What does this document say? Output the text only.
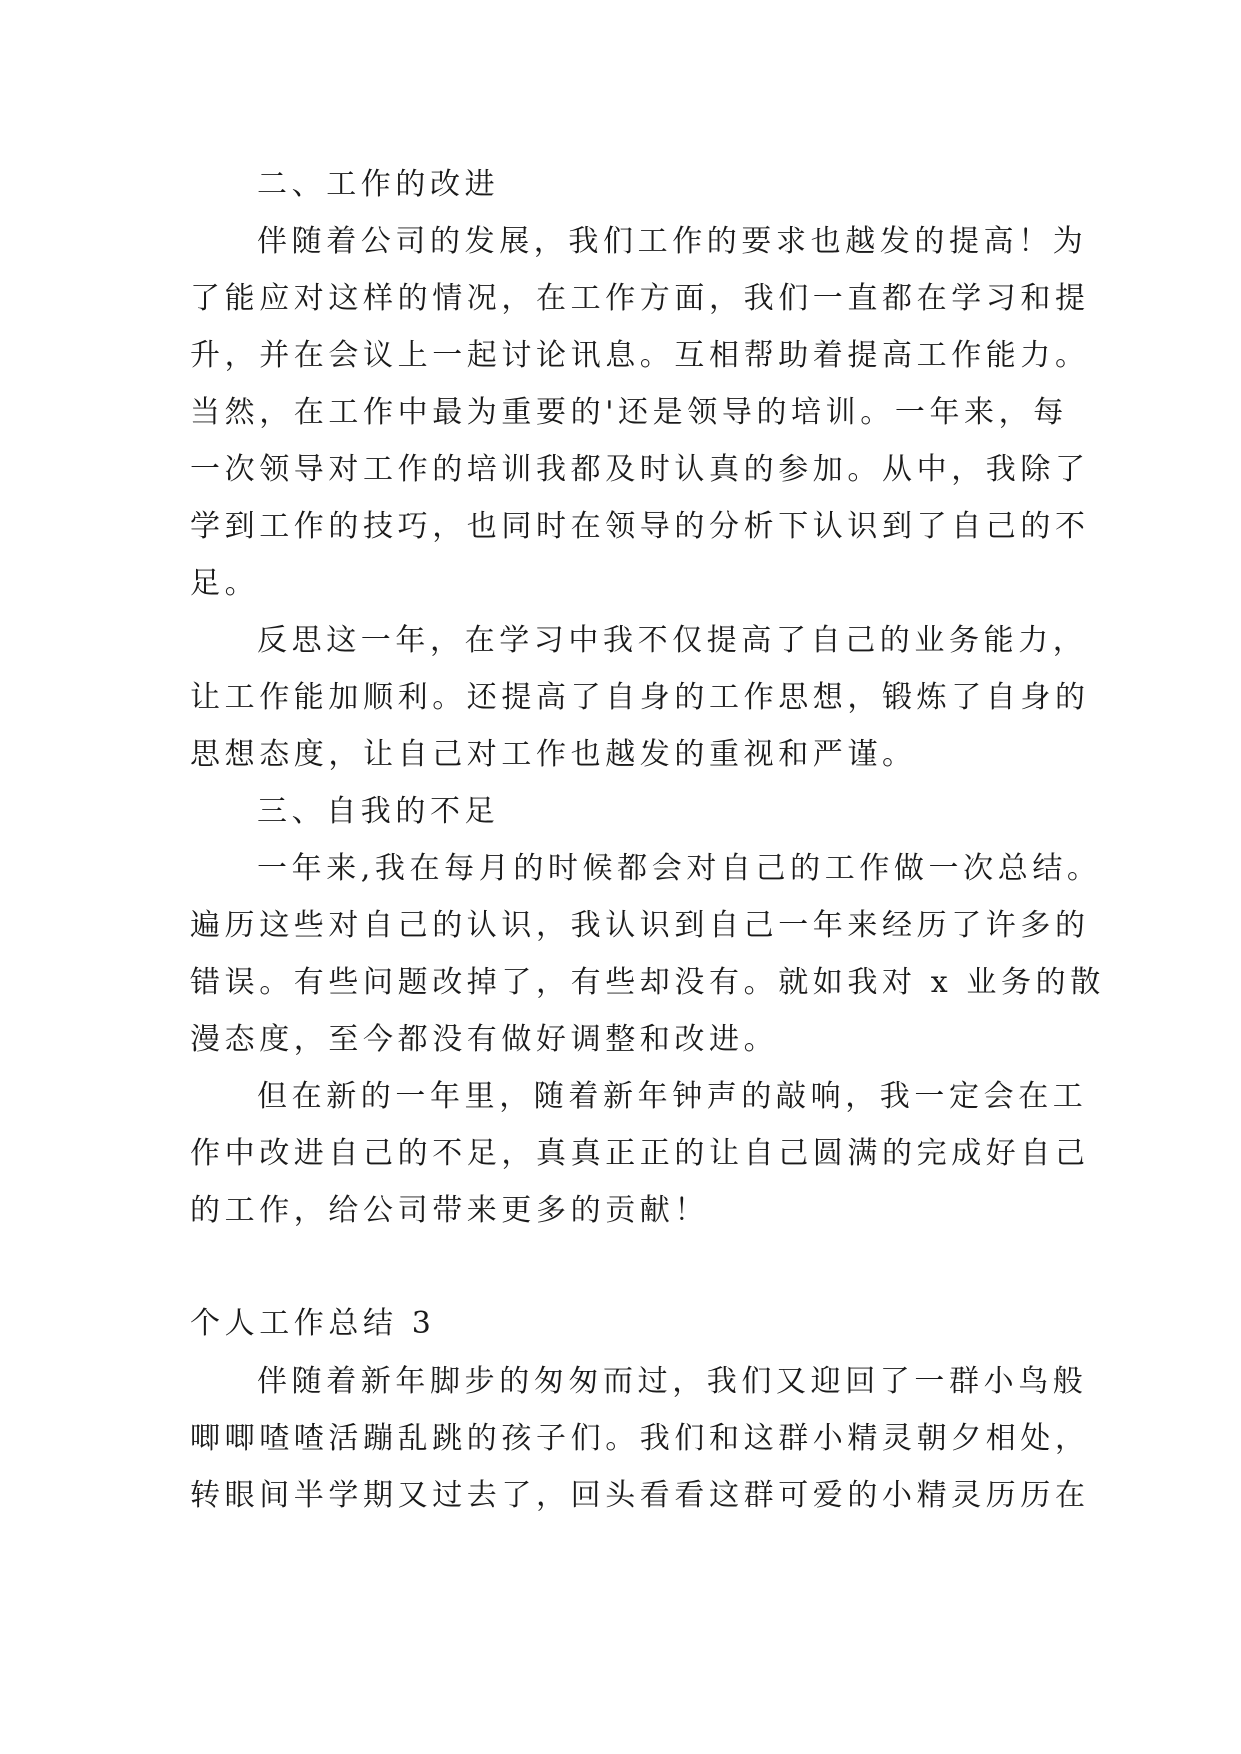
二、工作的改进
伴随着公司的发展，我们工作的要求也越发的提高！为
了能应对这样的情况，在工作方面，我们一直都在学习和提
升，并在会议上一起讨论讯息。互相帮助着提高工作能力。
当然，在工作中最为重要的'还是领导的培训。一年来，每
一次领导对工作的培训我都及时认真的参加。从中，我除了
学到工作的技巧，也同时在领导的分析下认识到了自己的不
足。
反思这一年，在学习中我不仅提高了自己的业务能力，
让工作能加顺利。还提高了自身的工作思想，锻炼了自身的
思想态度，让自己对工作也越发的重视和严谨。
三、自我的不足
一年来,我在每月的时候都会对自己的工作做一次总结。
遍历这些对自己的认识，我认识到自己一年来经历了许多的
错误。有些问题改掉了，有些却没有。就如我对 x 业务的散
漫态度，至今都没有做好调整和改进。
但在新的一年里，随着新年钟声的敲响，我一定会在工
作中改进自己的不足，真真正正的让自己圆满的完成好自己
的工作，给公司带来更多的贡献！
个人工作总结 3
伴随着新年脚步的匆匆而过，我们又迎回了一群小鸟般
唧唧喳喳活蹦乱跳的孩子们。我们和这群小精灵朝夕相处，
转眼间半学期又过去了，回头看看这群可爱的小精灵历历在
